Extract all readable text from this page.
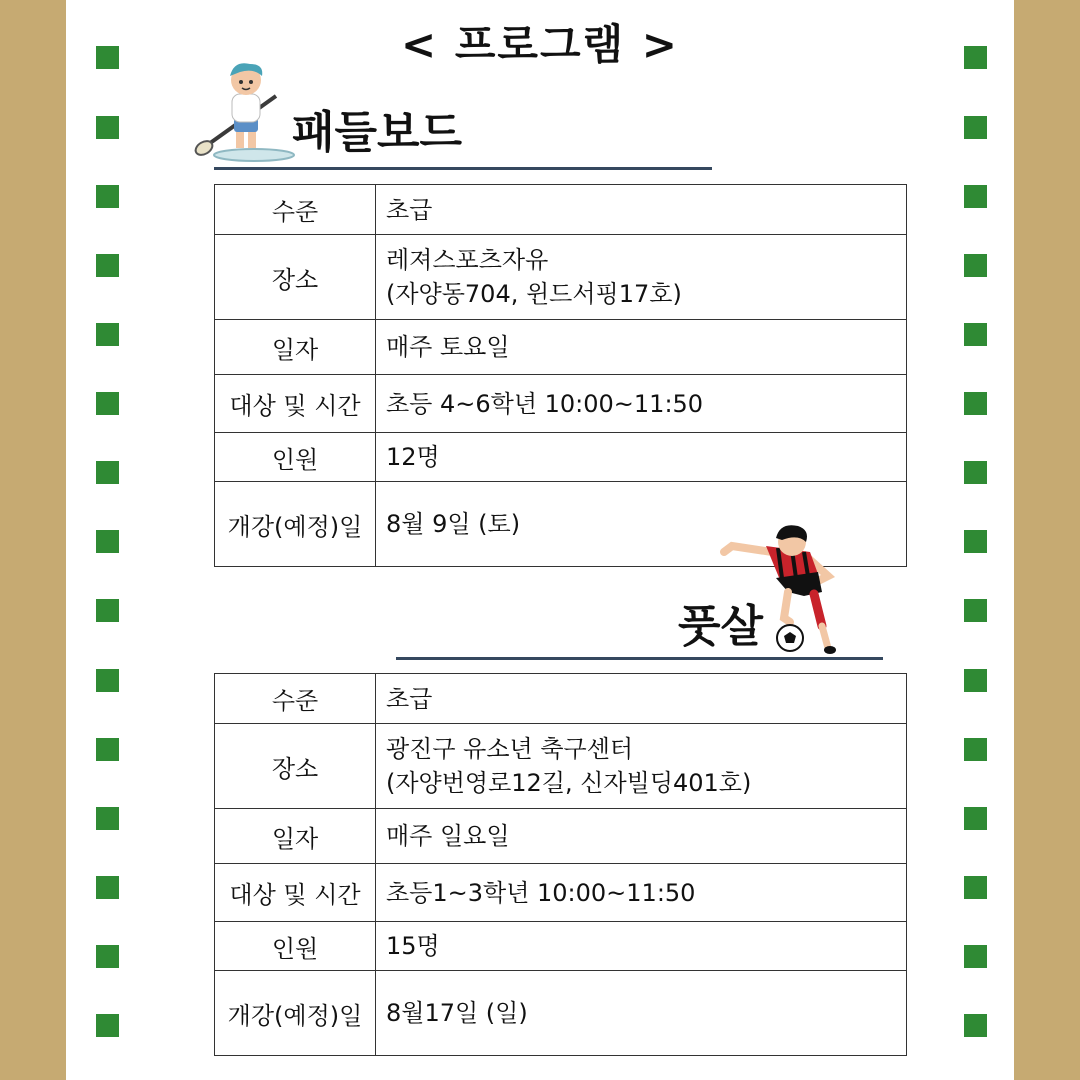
< 프로그램 >
패들보드
수준	초급

장소	레져스포츠자유
(자양동704, 윈드서핑17호)

일자	매주 토요일

대상 및 시간	초등 4~6학년 10:00~11:50

인원	12명

개강(예정)일	8월 9일 (토)
풋살
수준	초급

장소	광진구 유소년 축구센터
(자양번영로12길, 신자빌딩401호)

일자	매주 일요일

대상 및 시간	초등1~3학년 10:00~11:50

인원	15명

개강(예정)일	8월17일 (일)
